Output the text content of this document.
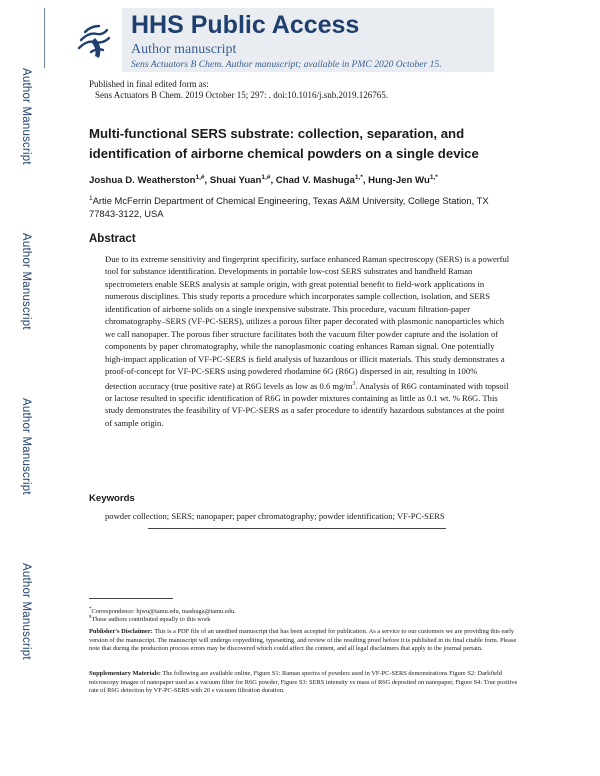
Author Manuscript
Author Manuscript
Author Manuscript
Author Manuscript
HHS Public Access
Author manuscript
Sens Actuators B Chem. Author manuscript; available in PMC 2020 October 15.
Published in final edited form as:
Sens Actuators B Chem. 2019 October 15; 297: . doi:10.1016/j.snb.2019.126765.
Multi-functional SERS substrate: collection, separation, and identification of airborne chemical powders on a single device
Joshua D. Weatherston$^{1,\#}$, Shuai Yuan$^{1,\#}$, Chad V. Mashuga$^{1,*}$, Hung-Jen $Wu^{1,*}$
$^1$Artie McFerrin Department of Chemical Engineering, Texas A&M University, College Station, TX 77843-3122, USA
Abstract
Due to its extreme sensitivity and fingerprint specificity, surface enhanced Raman spectroscopy (SERS) is a powerful tool for substance identification. Developments in portable low-cost SERS substrates and handheld Raman spectrometers enable SERS analysis at sample origin, with great potential benefit to field-work applications in numerous disciplines. This study reports a procedure which incorporates sample collection, isolation, and SERS identification of airborne solids on a single inexpensive substrate. This procedure, vacuum filtration-paper chromatography–SERS (VF-PC-SERS), utilizes a porous filter paper decorated with plasmonic nanoparticles which we call nanopaper. The porous fiber structure facilitates both the vacuum filter powder capture and the isolation of components by paper chromatography, while the nanoplasmonic coating enhances Raman signal. One potentially high-impact application of VF-PC-SERS is field analysis of hazardous or illicit materials. This study demonstrates a proof-of-concept for VF-PC-SERS using powdered rhodamine 6G (R6G) dispersed in air, resulting in 100% detection accuracy (true positive rate) at R6G levels as low as 0.6 $mg/m^3$. Analysis of R6G contaminated with topsoil or lactose resulted in specific identification of R6G in powder mixtures containing as little as 0.1 wt. % R6G. This study demonstrates the feasibility of VF-PC-SERS as a safer procedure to identify hazardous substances at the point of sample origin.
Keywords
powder collection; SERS; nanopaper; paper chromatography; powder identification; VF-PC-SERS
*Correspondence: hjwu@tamu.edu, mashuga@tamu.edu.
#These authors contributed equally to this work
Publisher's Disclaimer: This is a PDF file of an unedited manuscript that has been accepted for publication. As a service to our customers we are providing this early version of the manuscript. The manuscript will undergo copyediting, typesetting, and review of the resulting proof before it is published in its final citable form. Please note that during the production process errors may be discovered which could affect the content, and all legal disclaimers that apply to the journal pertain.
Supplementary Materials: The following are available online, Figure S1: Raman spectra of powders used in VF-PC-SERS demonstrations Figure S2: Darkfield microscopy images of nanopaper used as a vacuum filter for R6G powder, Figure S3: SERS intensity vs mass of R6G deposited on nanopaper, Figure S4: True positive rate of R6G detection by VF-PC-SERS with 20 s vacuum filtration duration.
